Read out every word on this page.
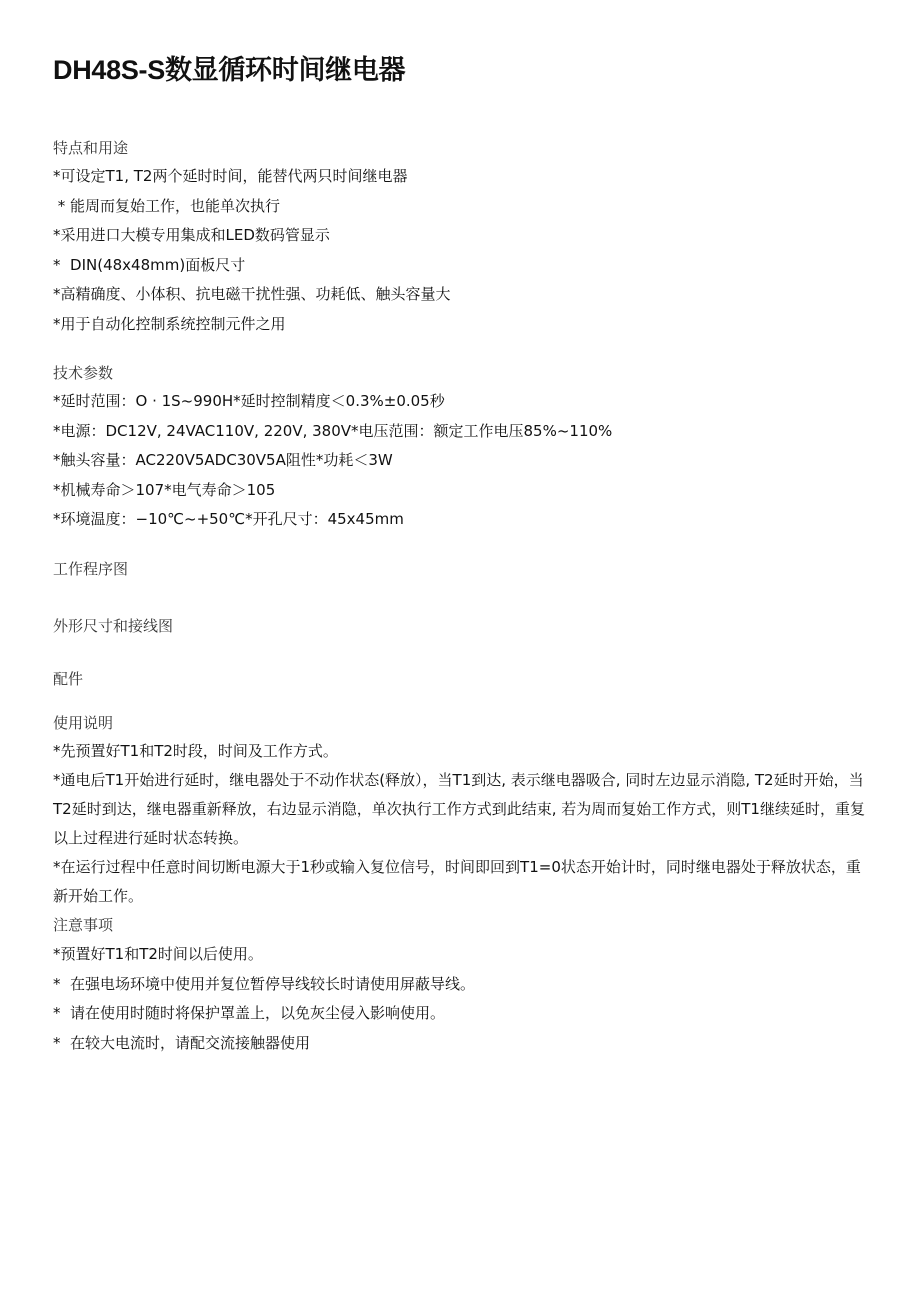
DH48S-S数显循环时间继电器

特点和用途

*可设定T1, T2两个延时时间，能替代两只时间继电器

* 能周而复始工作，也能单次执行

*采用进口大模专用集成和LED数码管显示

*  DIN(48x48mm)面板尺寸

*高精确度、小体积、抗电磁干扰性强、功耗低、触头容量大

*用于自动化控制系统控制元件之用

技术参数

*延时范围：O · 1S~990H*延时控制精度＜0.3%±0.05秒

*电源：DC12V, 24VAC110V, 220V, 380V*电压范围：额定工作电压85%~110%

*触头容量：AC220V5ADC30V5A阻性*功耗＜3W

*机械寿命＞107*电气寿命＞105

*环境温度：−10℃~+50℃*开孔尺寸：45x45mm

工作程序图

外形尺寸和接线图

配件

使用说明

*先预置好T1和T2时段，时间及工作方式。

*通电后T1开始进行延时，继电器处于不动作状态(释放），当T1到达, 表示继电器吸合, 同时左边显示消隐, T2延时开始，当T2延时到达，继电器重新释放，右边显示消隐，单次执行工作方式到此结束, 若为周而复始工作方式，则T1继续延时，重复以上过程进行延时状态转换。

*在运行过程中任意时间切断电源大于1秒或输入复位信号，时间即回到T1=0状态开始计时，同时继电器处于释放状态，重新开始工作。

注意事项

*预置好T1和T2时间以后使用。

*  在强电场环境中使用并复位暂停导线较长时请使用屏蔽导线。

*  请在使用时随时将保护罩盖上，以免灰尘侵入影响使用。

*  在较大电流时，请配交流接触器使用
